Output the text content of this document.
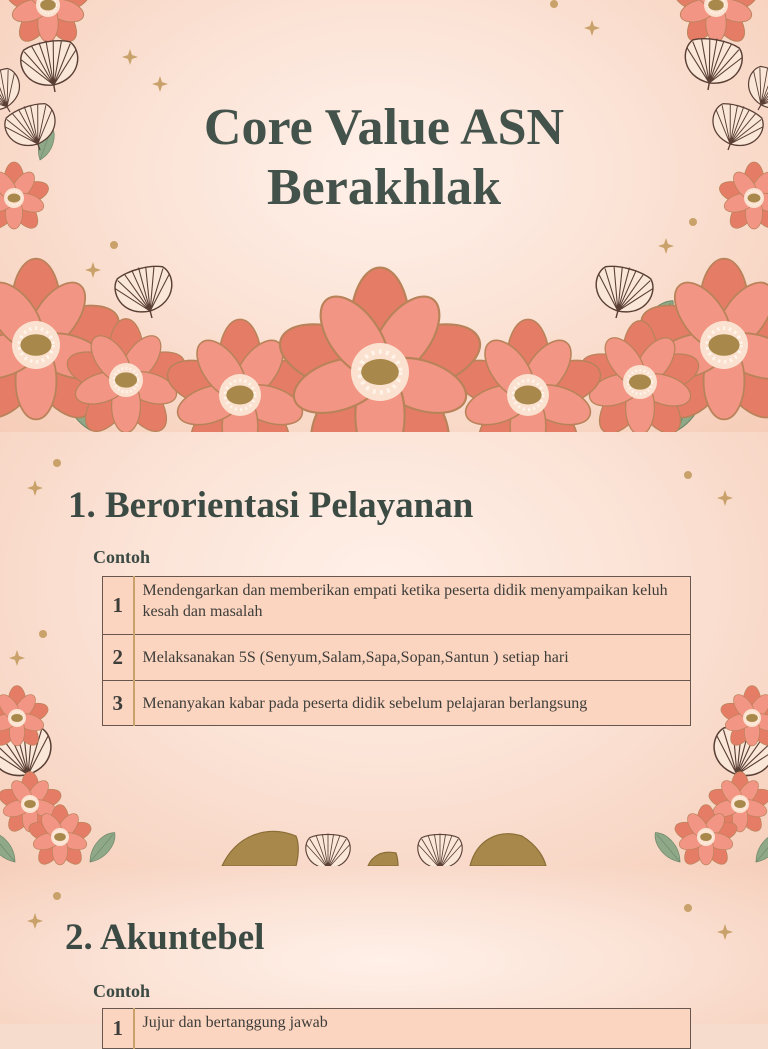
Core Value ASN
Berakhlak
1. Berorientasi Pelayanan
Contoh
1	Mendengarkan dan memberikan empati ketika peserta didik menyampaikan keluh kesah dan masalah
2	Melaksanakan 5S (Senyum,Salam,Sapa,Sopan,Santun ) setiap hari
3	Menanyakan kabar pada peserta didik sebelum pelajaran berlangsung
2. Akuntebel
Contoh
1	Jujur dan bertanggung jawab
